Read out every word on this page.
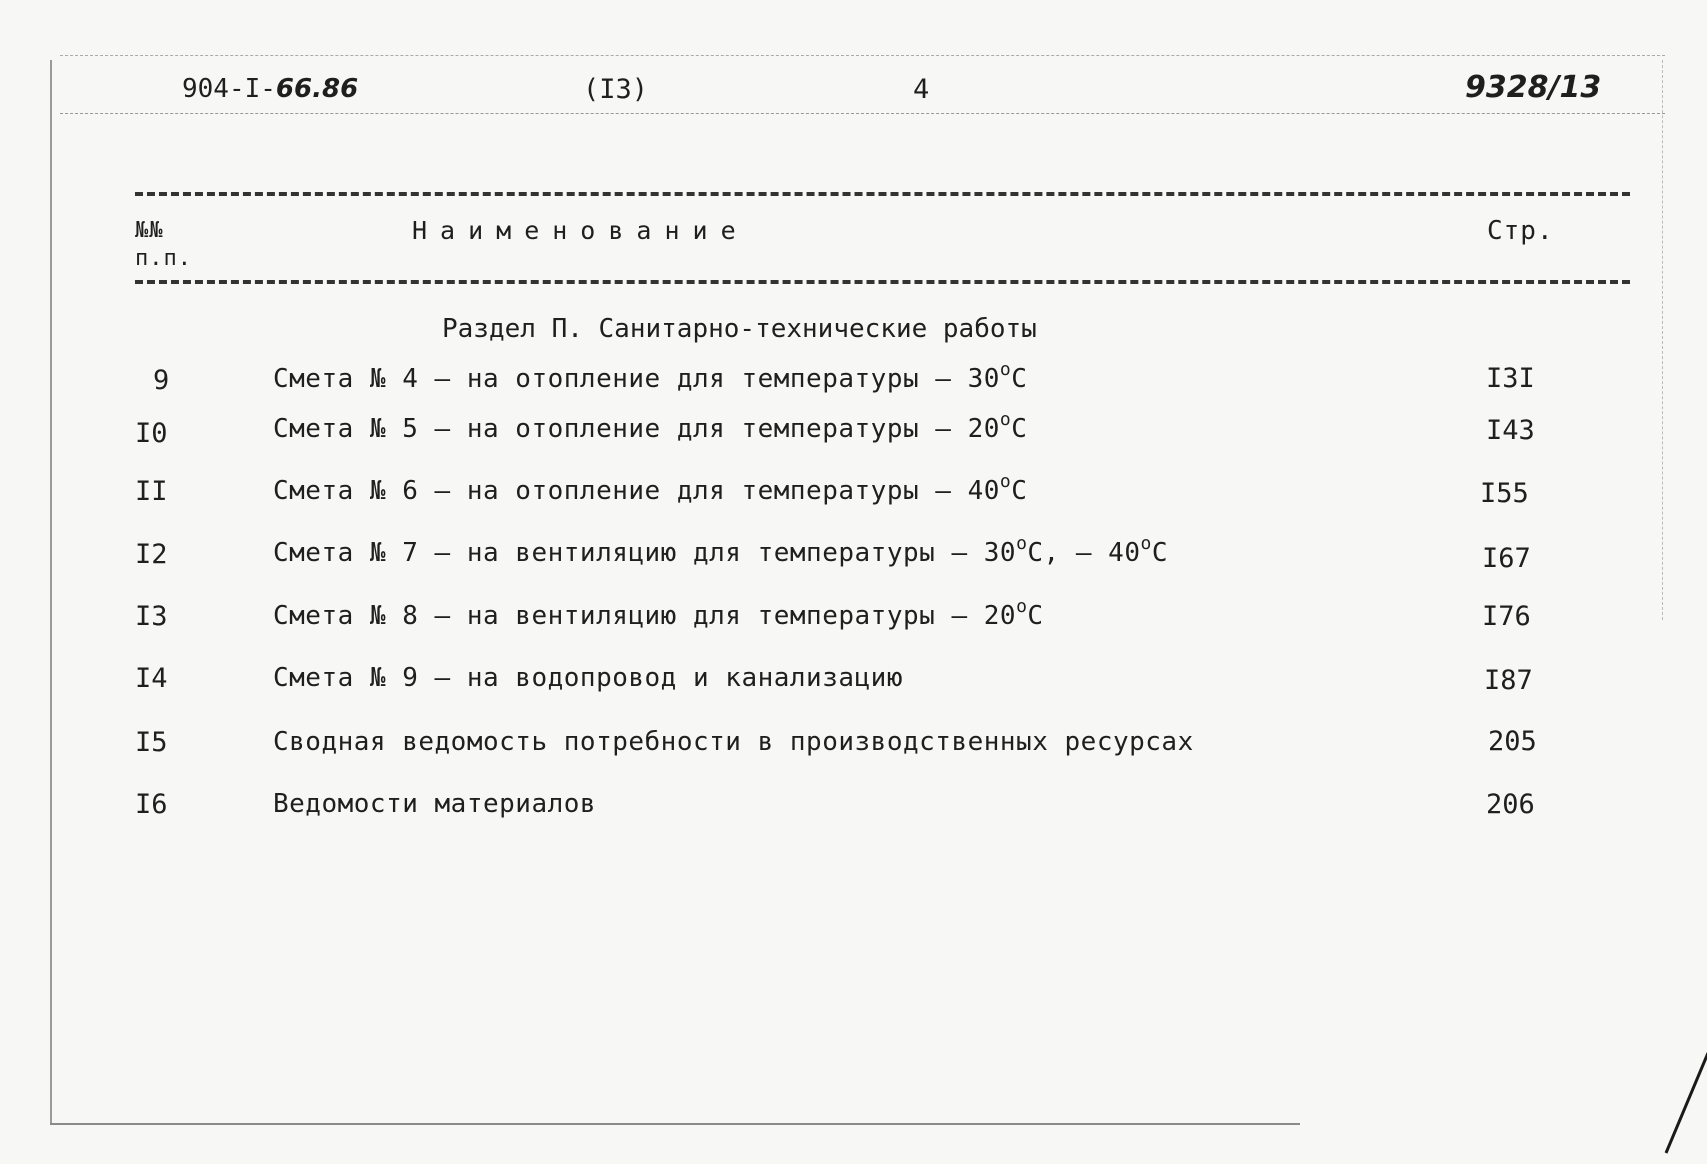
904-I-66.86	(I3)	4	9328/13
№№
п.п.
Наименование	Стр.
Раздел П. Санитарно-технические работы
9	Смета № 4 – на отопление для температуры – $30^оС$	I3I
I0	Смета № 5 – на отопление для температуры – $20^оС$	I43
II	Смета № 6 – на отопление для температуры – $40^оС$	I55
I2	Смета № 7 – на вентиляцию для температуры – $30^оС$, – $40^оС$	I67
I3	Смета № 8 – на вентиляцию для температуры – $20^оС$	I76
I4	Смета № 9 – на водопровод и канализацию	I87
I5	Сводная ведомость потребности в производственных ресурсах	205
I6	Ведомости материалов	206
